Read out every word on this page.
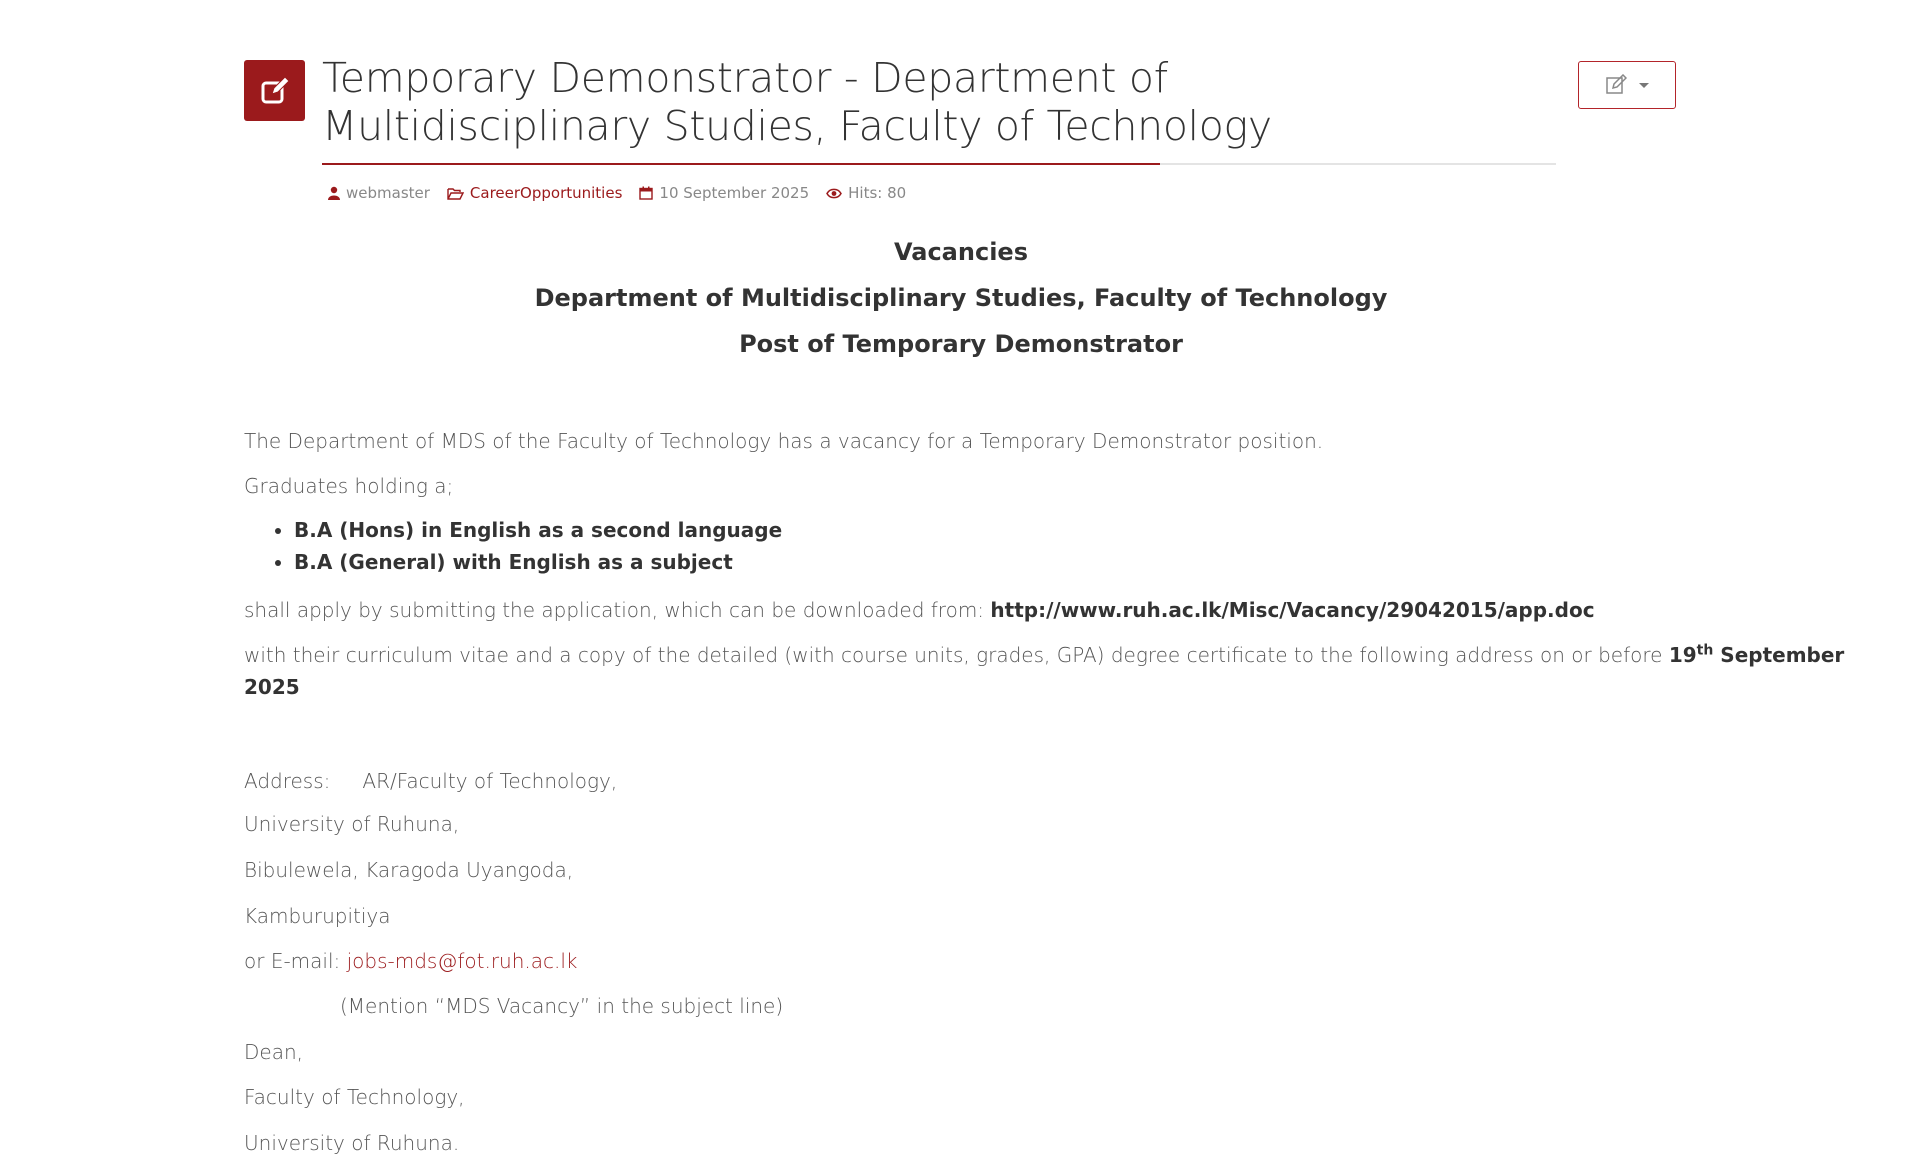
Temporary Demonstrator - Department of Multidisciplinary Studies, Faculty of Technology
webmaster	CareerOpportunities 10 September 2025	Hits: 80

Vacancies

Department of Multidisciplinary Studies, Faculty of Technology

Post of Temporary Demonstrator

The Department of MDS of the Faculty of Technology has a vacancy for a Temporary Demonstrator position.

Graduates holding a;

• B.A (Hons) in English as a second language
• B.A (General) with English as a subject

shall apply by submitting the application, which can be downloaded from: http://www.ruh.ac.lk/Misc/Vacancy/29042015/app.doc

with their curriculum vitae and a copy of the detailed (with course units, grades, GPA) degree certificate to the following address on or before 19th September

2025

Address: AR/Faculty of Technology,

University of Ruhuna,

Bibulewela, Karagoda Uyangoda,

Kamburupitiya

or E-mail: jobs-mds@fot.ruh.ac.lk

(Mention “MDS Vacancy” in the subject line)

Dean,

Faculty of Technology,

University of Ruhuna.
